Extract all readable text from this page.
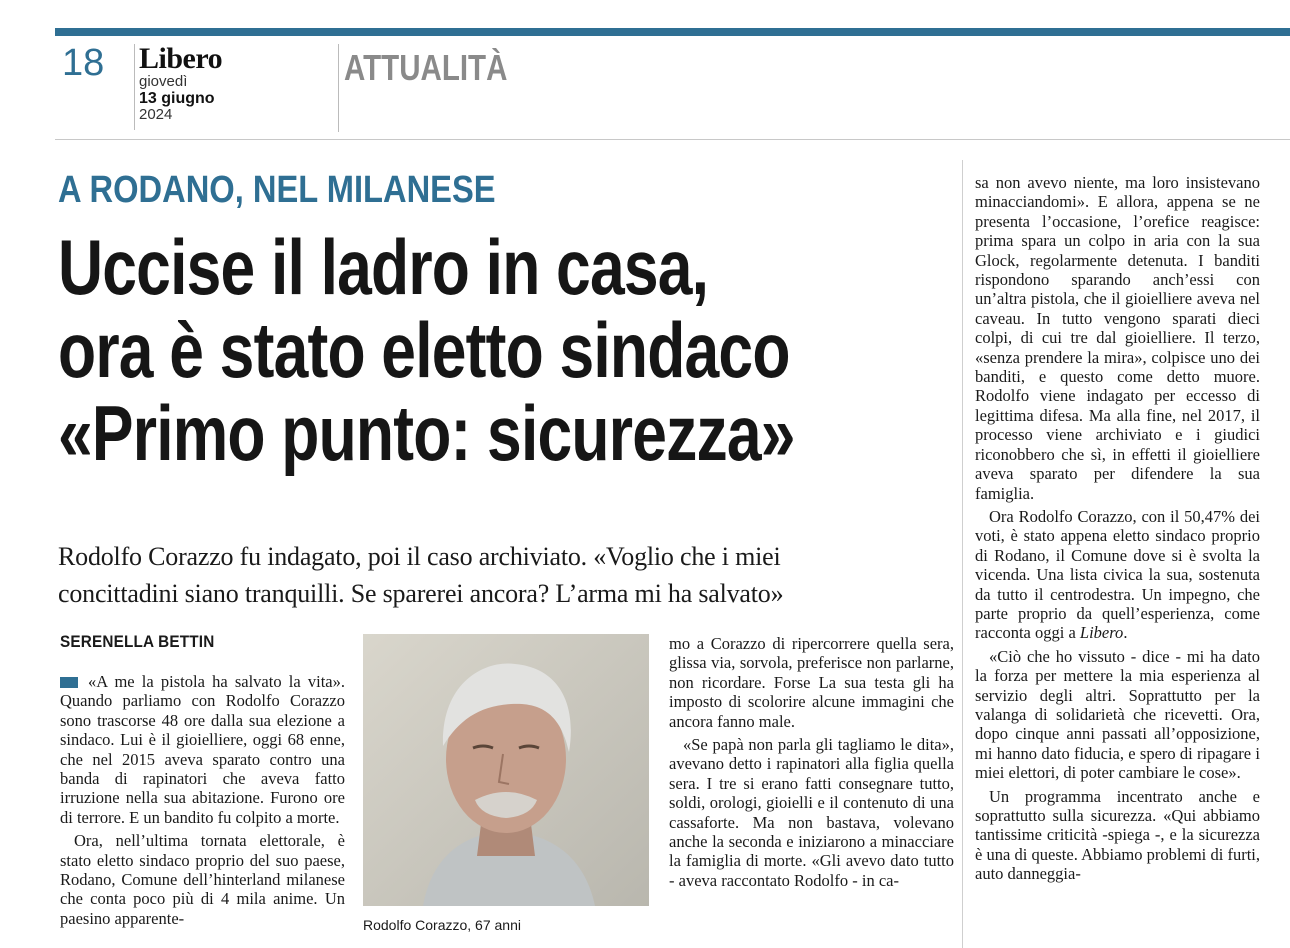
18 Libero
giovedì
13 giugno
2024
ATTUALITÀ
A RODANO, NEL MILANESE
Uccise il ladro in casa,
ora è stato eletto sindaco
«Primo punto: sicurezza»
Rodolfo Corazzo fu indagato, poi il caso archiviato. «Voglio che i miei
concittadini siano tranquilli. Se sparerei ancora? L’arma mi ha salvato»
SERENELLA BETTIN

«A me la pistola ha salvato la vita». Quando parliamo con Rodolfo Corazzo sono trascorse 48 ore dalla sua elezione a sindaco. Lui è il gioielliere, oggi 68 enne, che nel 2015 aveva sparato contro una banda di rapinatori che aveva fatto irruzione nella sua abitazione. Furono ore di terrore. E un bandito fu colpito a morte.

Ora, nell’ultima tornata elettorale, è stato eletto sindaco proprio del suo paese, Rodano, Comune dell’hinterland milanese che conta poco più di 4 mila anime. Un paesino apparente-	Rodolfo Corazzo, 67 anni

mo a Corazzo di ripercorrere quella sera, glissa via, sorvola, preferisce non parlarne, non ricordare. Forse La sua testa gli ha imposto di scolorire alcune immagini che ancora fanno male.

«Se papà non parla gli tagliamo le dita», avevano detto i rapinatori alla figlia quella sera. I tre si erano fatti consegnare tutto, soldi, orologi, gioielli e il contenuto di una cassaforte. Ma non bastava, volevano anche la seconda e iniziarono a minacciare la famiglia di morte. «Gli avevo dato tutto - aveva raccontato Rodolfo - in ca-

sa non avevo niente, ma loro insistevano minacciandomi». E allora, appena se ne presenta l’occasione, l’orefice reagisce: prima spara un colpo in aria con la sua Glock, regolarmente detenuta. I banditi rispondono sparando anch’essi con un’altra pistola, che il gioielliere aveva nel caveau. In tutto vengono sparati dieci colpi, di cui tre dal gioielliere. Il terzo, «senza prendere la mira», colpisce uno dei banditi, e questo come detto muore. Rodolfo viene indagato per eccesso di legittima difesa. Ma alla fine, nel 2017, il processo viene archiviato e i giudici riconobbero che sì, in effetti il gioielliere aveva sparato per difendere la sua famiglia.

Ora Rodolfo Corazzo, con il 50,47% dei voti, è stato appena eletto sindaco proprio di Rodano, il Comune dove si è svolta la vicenda. Una lista civica la sua, sostenuta da tutto il centrodestra. Un impegno, che parte proprio da quell’esperienza, come racconta oggi a Libero.

«Ciò che ho vissuto - dice - mi ha dato la forza per mettere la mia esperienza al servizio degli altri. Soprattutto per la valanga di solidarietà che ricevetti. Ora, dopo cinque anni passati all’opposizione, mi hanno dato fiducia, e spero di ripagare i miei elettori, di poter cambiare le cose».

Un programma incentrato anche e soprattutto sulla sicurezza. «Qui abbiamo tantissime criticità -spiega -, e la sicurezza è una di queste. Abbiamo problemi di furti, auto danneggia-
